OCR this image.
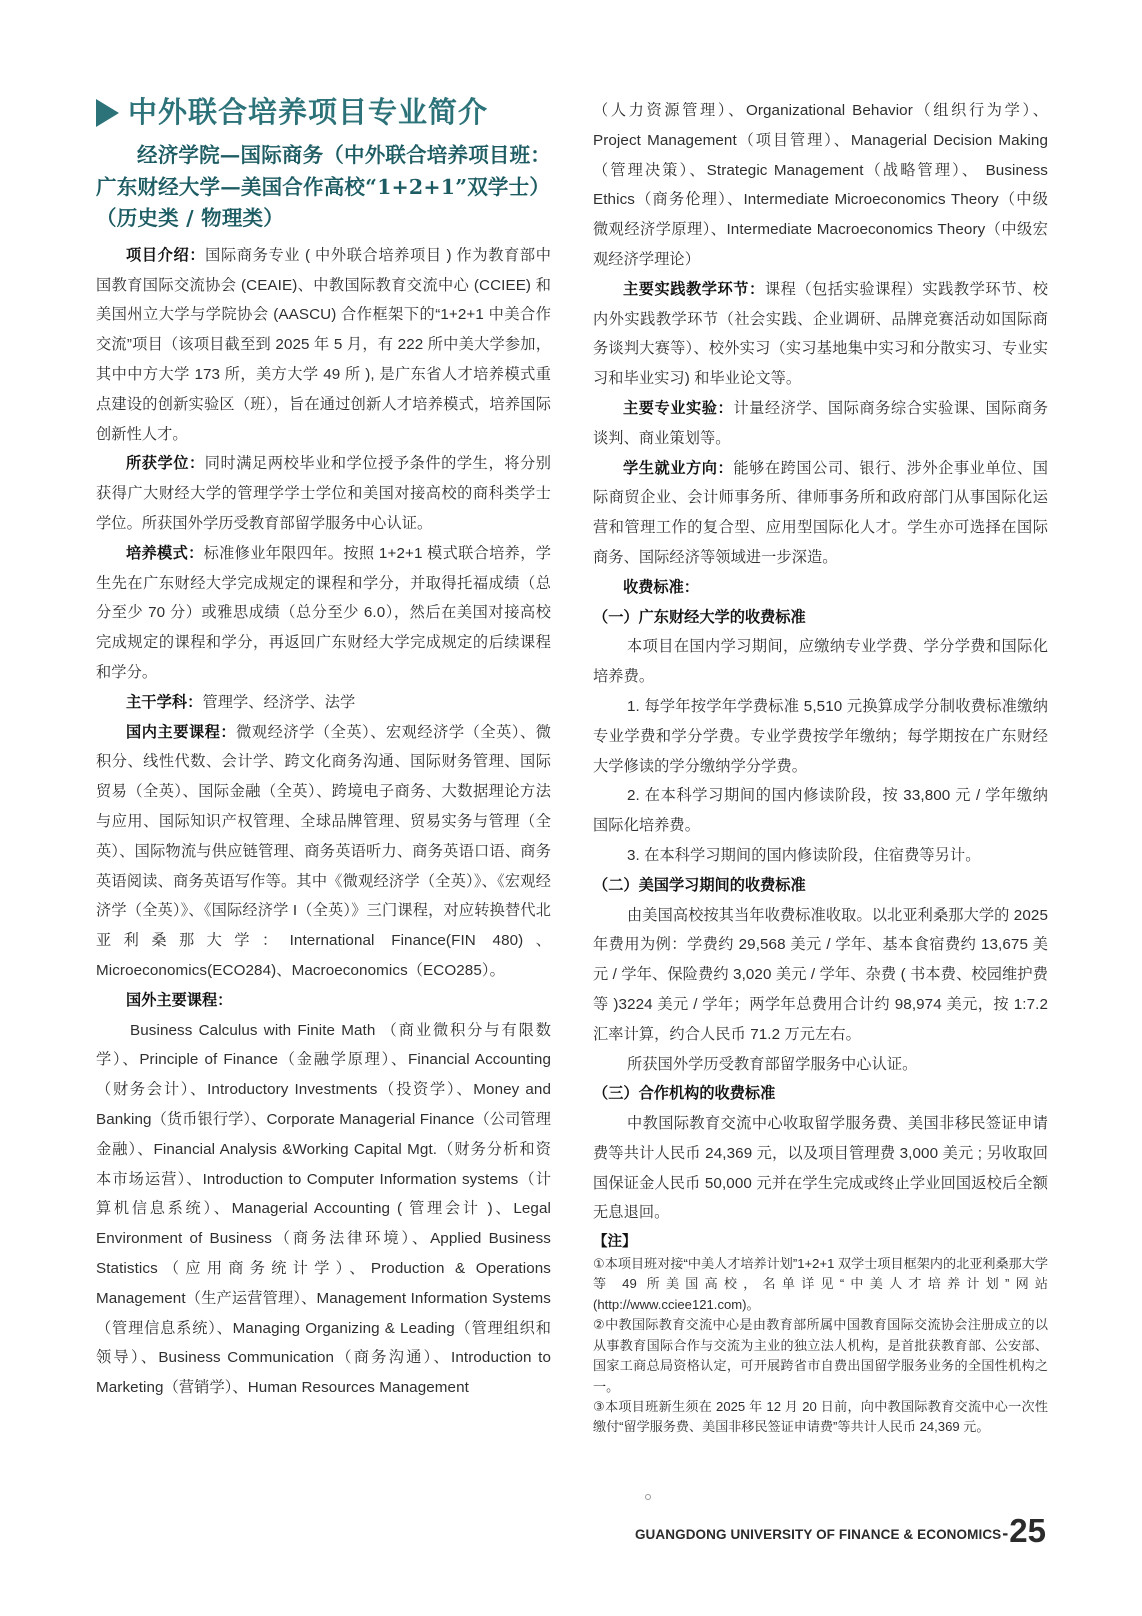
中外联合培养项目专业简介
经济学院—国际商务（中外联合培养项目班：广东财经大学—美国合作高校“1+2+1”双学士）（历史类 / 物理类）

项目介绍：国际商务专业 ( 中外联合培养项目 ) 作为教育部中国教育国际交流协会 (CEAIE)、中教国际教育交流中心 (CCIEE) 和美国州立大学与学院协会 (AASCU) 合作框架下的“1+2+1 中美合作交流”项目（该项目截至到 2025 年 5 月，有 222 所中美大学参加，其中中方大学 173 所，美方大学 49 所 ), 是广东省人才培养模式重点建设的创新实验区（班），旨在通过创新人才培养模式，培养国际创新性人才。

所获学位：同时满足两校毕业和学位授予条件的学生，将分别获得广大财经大学的管理学学士学位和美国对接高校的商科类学士学位。所获国外学历受教育部留学服务中心认证。

培养模式：标准修业年限四年。按照 1+2+1 模式联合培养，学生先在广东财经大学完成规定的课程和学分，并取得托福成绩（总分至少 70 分）或雅思成绩（总分至少 6.0），然后在美国对接高校完成规定的课程和学分，再返回广东财经大学完成规定的后续课程和学分。

主干学科：管理学、经济学、法学

国内主要课程：微观经济学（全英）、宏观经济学（全英）、微积分、线性代数、会计学、跨文化商务沟通、国际财务管理、国际贸易（全英）、国际金融（全英）、跨境电子商务、大数据理论方法与应用、国际知识产权管理、全球品牌管理、贸易实务与管理（全英）、国际物流与供应链管理、商务英语听力、商务英语口语、商务英语阅读、商务英语写作等。其中《微观经济学（全英）》、《宏观经济学（全英）》、《国际经济学 I（全英）》三门课程，对应转换替代北亚利桑那大学：International Finance(FIN 480)、Microeconomics(ECO284)、Macroeconomics（ECO285）。

国外主要课程：

Business Calculus with Finite Math （商业微积分与有限数学）、Principle of Finance（金融学原理）、Financial Accounting（财务会计）、Introductory Investments（投资学）、Money and Banking（货币银行学）、Corporate Managerial Finance（公司管理金融）、Financial Analysis &Working Capital Mgt.（财务分析和资本市场运营）、Introduction to Computer Information systems（计算机信息系统）、Managerial Accounting ( 管理会计 )、Legal Environment of Business（商务法律环境）、Applied Business Statistics（应用商务统计学）、Production & Operations Management（生产运营管理）、Management Information Systems（管理信息系统）、Managing Organizing & Leading（管理组织和领导）、Business Communication（商务沟通）、Introduction to Marketing（营销学）、Human Resources Management

（人力资源管理）、Organizational Behavior（组织行为学）、Project Management（项目管理）、Managerial Decision Making（管理决策）、Strategic Management（战略管理）、 Business Ethics（商务伦理）、Intermediate Microeconomics Theory（中级微观经济学原理）、Intermediate Macroeconomics Theory（中级宏观经济学理论）

主要实践教学环节：课程（包括实验课程）实践教学环节、校内外实践教学环节（社会实践、企业调研、品牌竞赛活动如国际商务谈判大赛等）、校外实习（实习基地集中实习和分散实习、专业实习和毕业实习) 和毕业论文等。

主要专业实验：计量经济学、国际商务综合实验课、国际商务谈判、商业策划等。

学生就业方向：能够在跨国公司、银行、涉外企事业单位、国际商贸企业、会计师事务所、律师事务所和政府部门从事国际化运营和管理工作的复合型、应用型国际化人才。学生亦可选择在国际商务、国际经济等领域进一步深造。

收费标准：

（一）广东财经大学的收费标准

本项目在国内学习期间，应缴纳专业学费、学分学费和国际化培养费。

1. 每学年按学年学费标准 5,510 元换算成学分制收费标准缴纳专业学费和学分学费。专业学费按学年缴纳；每学期按在广东财经大学修读的学分缴纳学分学费。

2. 在本科学习期间的国内修读阶段，按 33,800 元 / 学年缴纳国际化培养费。

3. 在本科学习期间的国内修读阶段，住宿费等另计。

（二）美国学习期间的收费标准

由美国高校按其当年收费标准收取。以北亚利桑那大学的 2025 年费用为例：学费约 29,568 美元 / 学年、基本食宿费约 13,675 美元 / 学年、保险费约 3,020 美元 / 学年、杂费 ( 书本费、校园维护费等 )3224 美元 / 学年；两学年总费用合计约 98,974 美元，按 1:7.2 汇率计算，约合人民币 71.2 万元左右。

所获国外学历受教育部留学服务中心认证。

（三）合作机构的收费标准

中教国际教育交流中心收取留学服务费、美国非移民签证申请费等共计人民币 24,369 元，以及项目管理费 3,000 美元 ; 另收取回国保证金人民币 50,000 元并在学生完成或终止学业回国返校后全额无息退回。

【注】

①本项目班对接“中美人才培养计划”1+2+1 双学士项目框架内的北亚利桑那大学等 49 所美国高校，名单详见“中美人才培养计划”网站 (http://www.cciee121.com)。

②中教国际教育交流中心是由教育部所属中国教育国际交流协会注册成立的以从事教育国际合作与交流为主业的独立法人机构，是首批获教育部、公安部、国家工商总局资格认定，可开展跨省市自费出国留学服务业务的全国性机构之一。

③本项目班新生须在 2025 年 12 月 20 日前，向中教国际教育交流中心一次性缴付“留学服务费、美国非移民签证申请费”等共计人民币 24,369 元。

GUANGDONG UNIVERSITY OF FINANCE & ECONOMICS - 25
